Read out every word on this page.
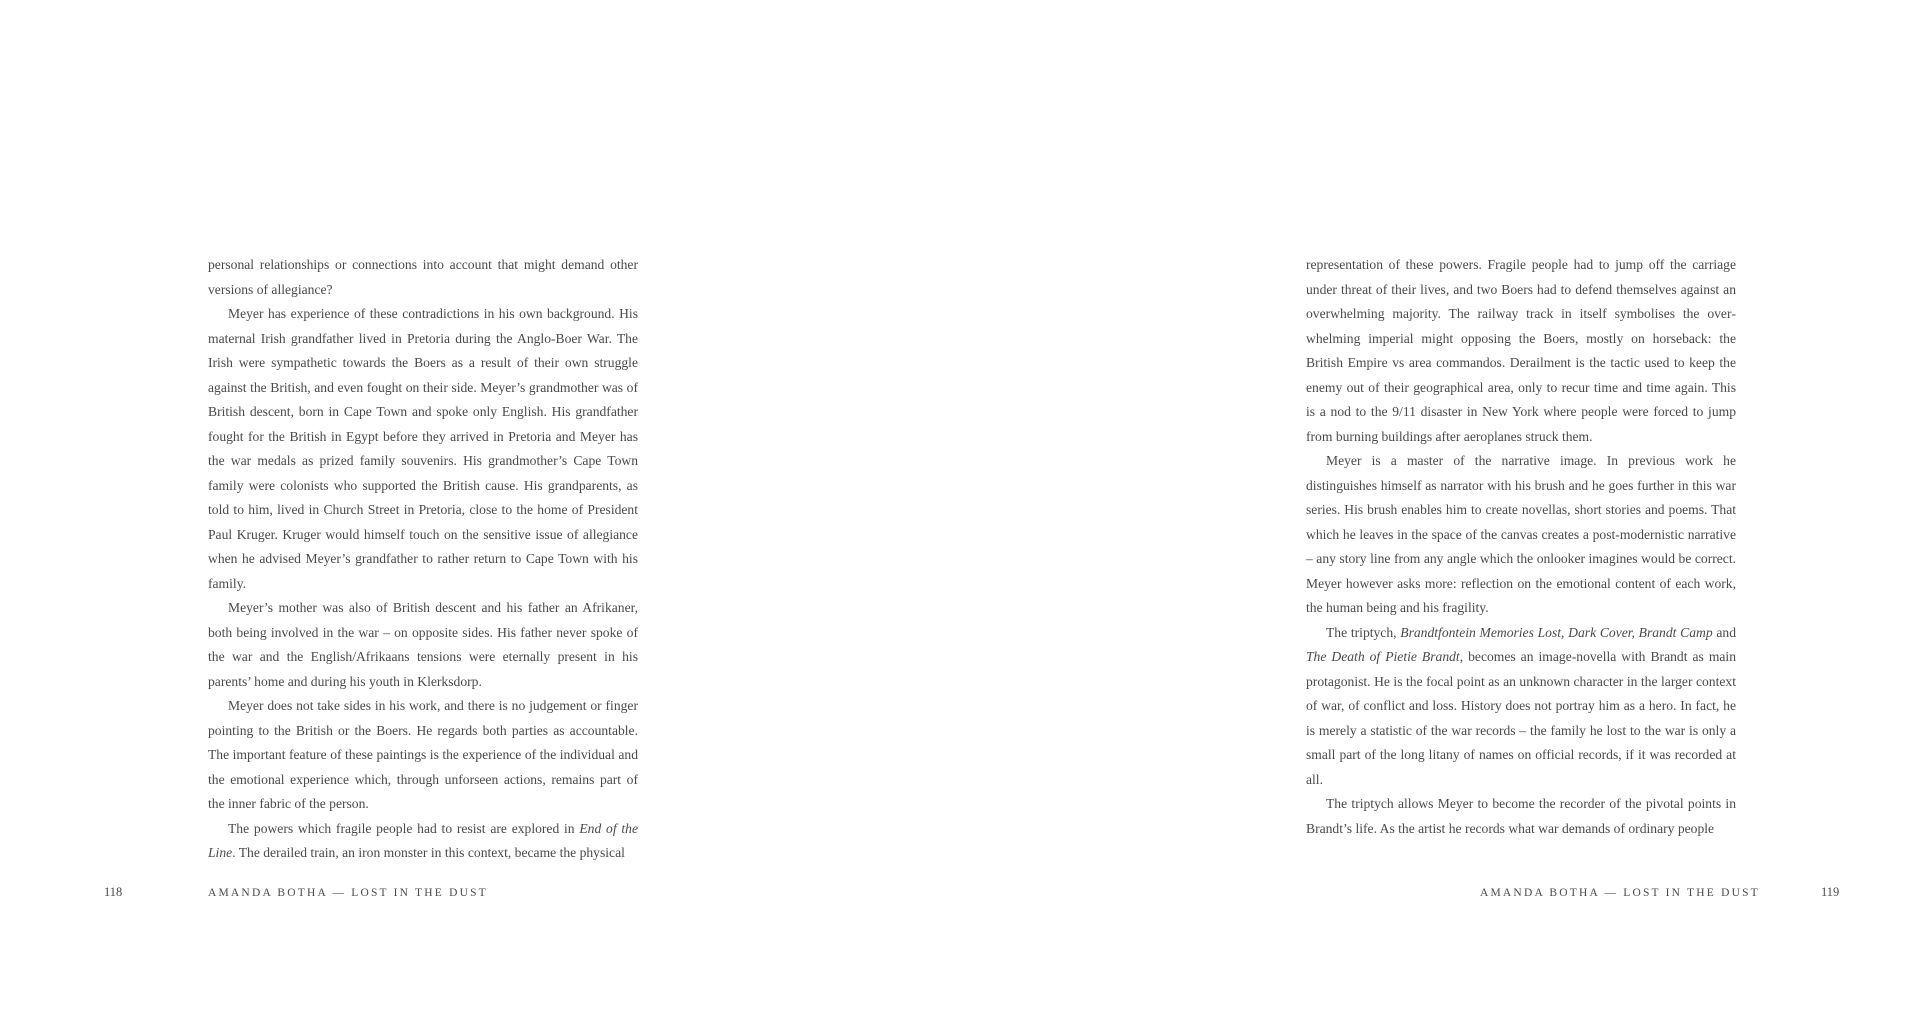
personal relationships or connections into account that might demand other versions of allegiance?

Meyer has experience of these contradictions in his own background. His maternal Irish grandfather lived in Pretoria during the Anglo-Boer War. The Irish were sympathetic towards the Boers as a result of their own struggle against the British, and even fought on their side. Meyer’s grandmother was of British descent, born in Cape Town and spoke only English. His grandfather fought for the British in Egypt before they arrived in Pretoria and Meyer has the war medals as prized family souvenirs. His grandmother’s Cape Town family were colonists who supported the British cause. His grandparents, as told to him, lived in Church Street in Pretoria, close to the home of President Paul Kruger. Kruger would himself touch on the sensitive issue of allegiance when he advised Meyer’s grandfather to rather return to Cape Town with his family.

Meyer’s mother was also of British descent and his father an Afrikaner, both being involved in the war – on opposite sides. His father never spoke of the war and the English/Afrikaans tensions were eternally present in his parents’ home and during his youth in Klerksdorp.

Meyer does not take sides in his work, and there is no judgement or finger pointing to the British or the Boers. He regards both parties as accountable. The important feature of these paintings is the experience of the individual and the emotional experience which, through unforseen actions, remains part of the inner fabric of the person.

The powers which fragile people had to resist are explored in End of the Line. The derailed train, an iron monster in this context, became the physical

118	AMANDA BOTHA — LOST IN THE DUST

representation of these powers. Fragile people had to jump off the carriage under threat of their lives, and two Boers had to defend themselves against an overwhelming majority. The railway track in itself symbolises the overwhelming imperial might opposing the Boers, mostly on horseback: the British Empire vs area commandos. Derailment is the tactic used to keep the enemy out of their geographical area, only to recur time and time again. This is a nod to the 9/11 disaster in New York where people were forced to jump from burning buildings after aeroplanes struck them.

Meyer is a master of the narrative image. In previous work he distinguishes himself as narrator with his brush and he goes further in this war series. His brush enables him to create novellas, short stories and poems. That which he leaves in the space of the canvas creates a post-modernistic narrative – any story line from any angle which the onlooker imagines would be correct. Meyer however asks more: reflection on the emotional content of each work, the human being and his fragility.

The triptych, Brandtfontein Memories Lost, Dark Cover, Brandt Camp and The Death of Pietie Brandt, becomes an image-novella with Brandt as main protagonist. He is the focal point as an unknown character in the larger context of war, of conflict and loss. History does not portray him as a hero. In fact, he is merely a statistic of the war records – the family he lost to the war is only a small part of the long litany of names on official records, if it was recorded at all.

The triptych allows Meyer to become the recorder of the pivotal points in Brandt’s life. As the artist he records what war demands of ordinary people

AMANDA BOTHA — LOST IN THE DUST	119
